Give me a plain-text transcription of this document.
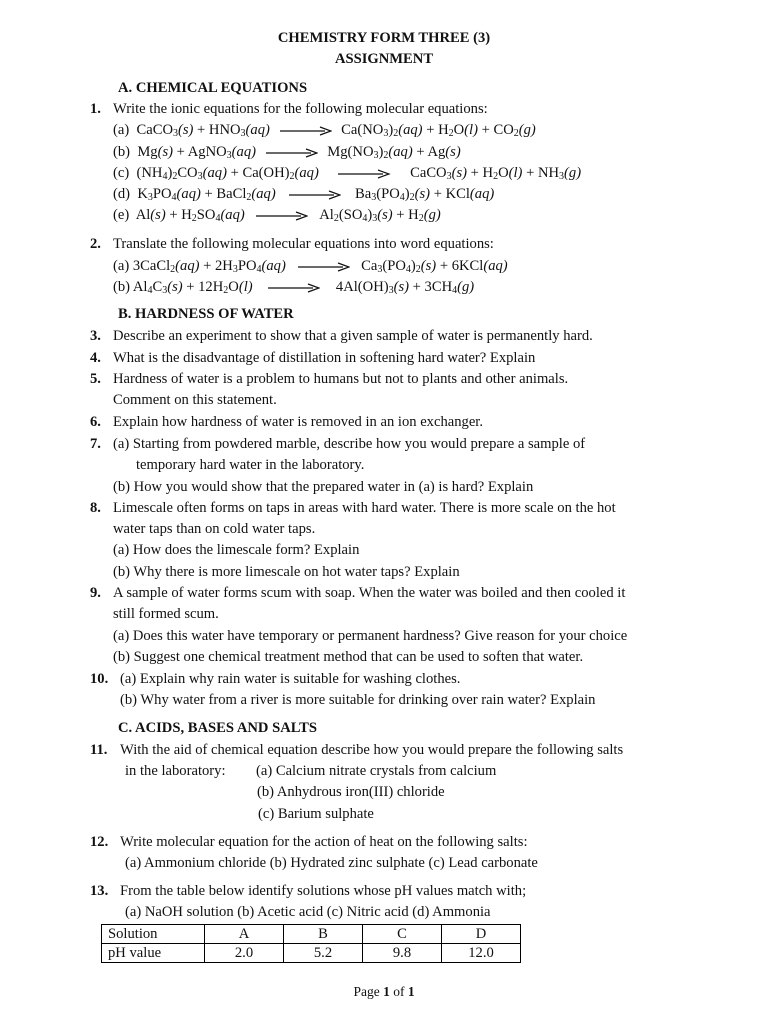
CHEMISTRY FORM THREE (3)
ASSIGNMENT
A. CHEMICAL EQUATIONS
1. Write the ionic equations for the following molecular equations:
(a)  CaCO$_3$(s) + $HNO_3(aq)$	$Ca(NO_3)_2(aq) + H_2O(l) + CO_2(g)$
(b)  Mg(s) + AgNO$_3$(aq)	$Mg(NO_3)_2(aq) + Ag(s)$
(c)  $(NH_4)_2CO_3(aq) + Ca(OH)_2(aq)$	CaCO$_3$(s) + $H_2O(l) + NH_3(g)$
(d)  $K_3PO_4(aq)$ + BaCl$_2$(aq)	$Ba_3(PO_4)_2(s) + KCl(aq)$
(e)  $Al(s) + H_2SO_4(aq)$	$Al_2(SO_4)_3(s) + H_2(g)$
2. Translate the following molecular equations into word equations:
(a) 3CaCl$_2$(aq) + $2H_3PO_4(aq)$	$Ca_3(PO_4)_2(s) + 6KCl(aq)$
(b) $Al_4C_3(s) + 12H_2O(l)$	$4Al(OH)_3(s) + 3CH_4(g)$
B. HARDNESS OF WATER
3. Describe an experiment to show that a given sample of water is permanently hard.
4. What is the disadvantage of distillation in softening hard water? Explain
5. Hardness of water is a problem to humans but not to plants and other animals.
Comment on this statement.
6. Explain how hardness of water is removed in an ion exchanger.
7. (a) Starting from powdered marble, describe how you would prepare a sample of
temporary hard water in the laboratory.
(b) How you would show that the prepared water in (a) is hard? Explain
8. Limescale often forms on taps in areas with hard water. There is more scale on the hot
water taps than on cold water taps.
(a) How does the limescale form? Explain
(b) Why there is more limescale on hot water taps? Explain
9. A sample of water forms scum with soap. When the water was boiled and then cooled it
still formed scum.
(a) Does this water have temporary or permanent hardness? Give reason for your choice
(b) Suggest one chemical treatment method that can be used to soften that water.
10. (a) Explain why rain water is suitable for washing clothes.
(b) Why water from a river is more suitable for drinking over rain water? Explain
C. ACIDS, BASES AND SALTS
11. With the aid of chemical equation describe how you would prepare the following salts
in the laboratory: (a) Calcium nitrate crystals from calcium
(b) Anhydrous iron(III) chloride
(c) Barium sulphate
12. Write molecular equation for the action of heat on the following salts:
(a) Ammonium chloride (b) Hydrated zinc sulphate (c) Lead carbonate
13. From the table below identify solutions whose pH values match with;
(a) NaOH solution (b) Acetic acid (c) Nitric acid (d) Ammonia
Solution	A	B	C	D
pH value	2.0	5.2	9.8	12.0
Page 1 of 1
